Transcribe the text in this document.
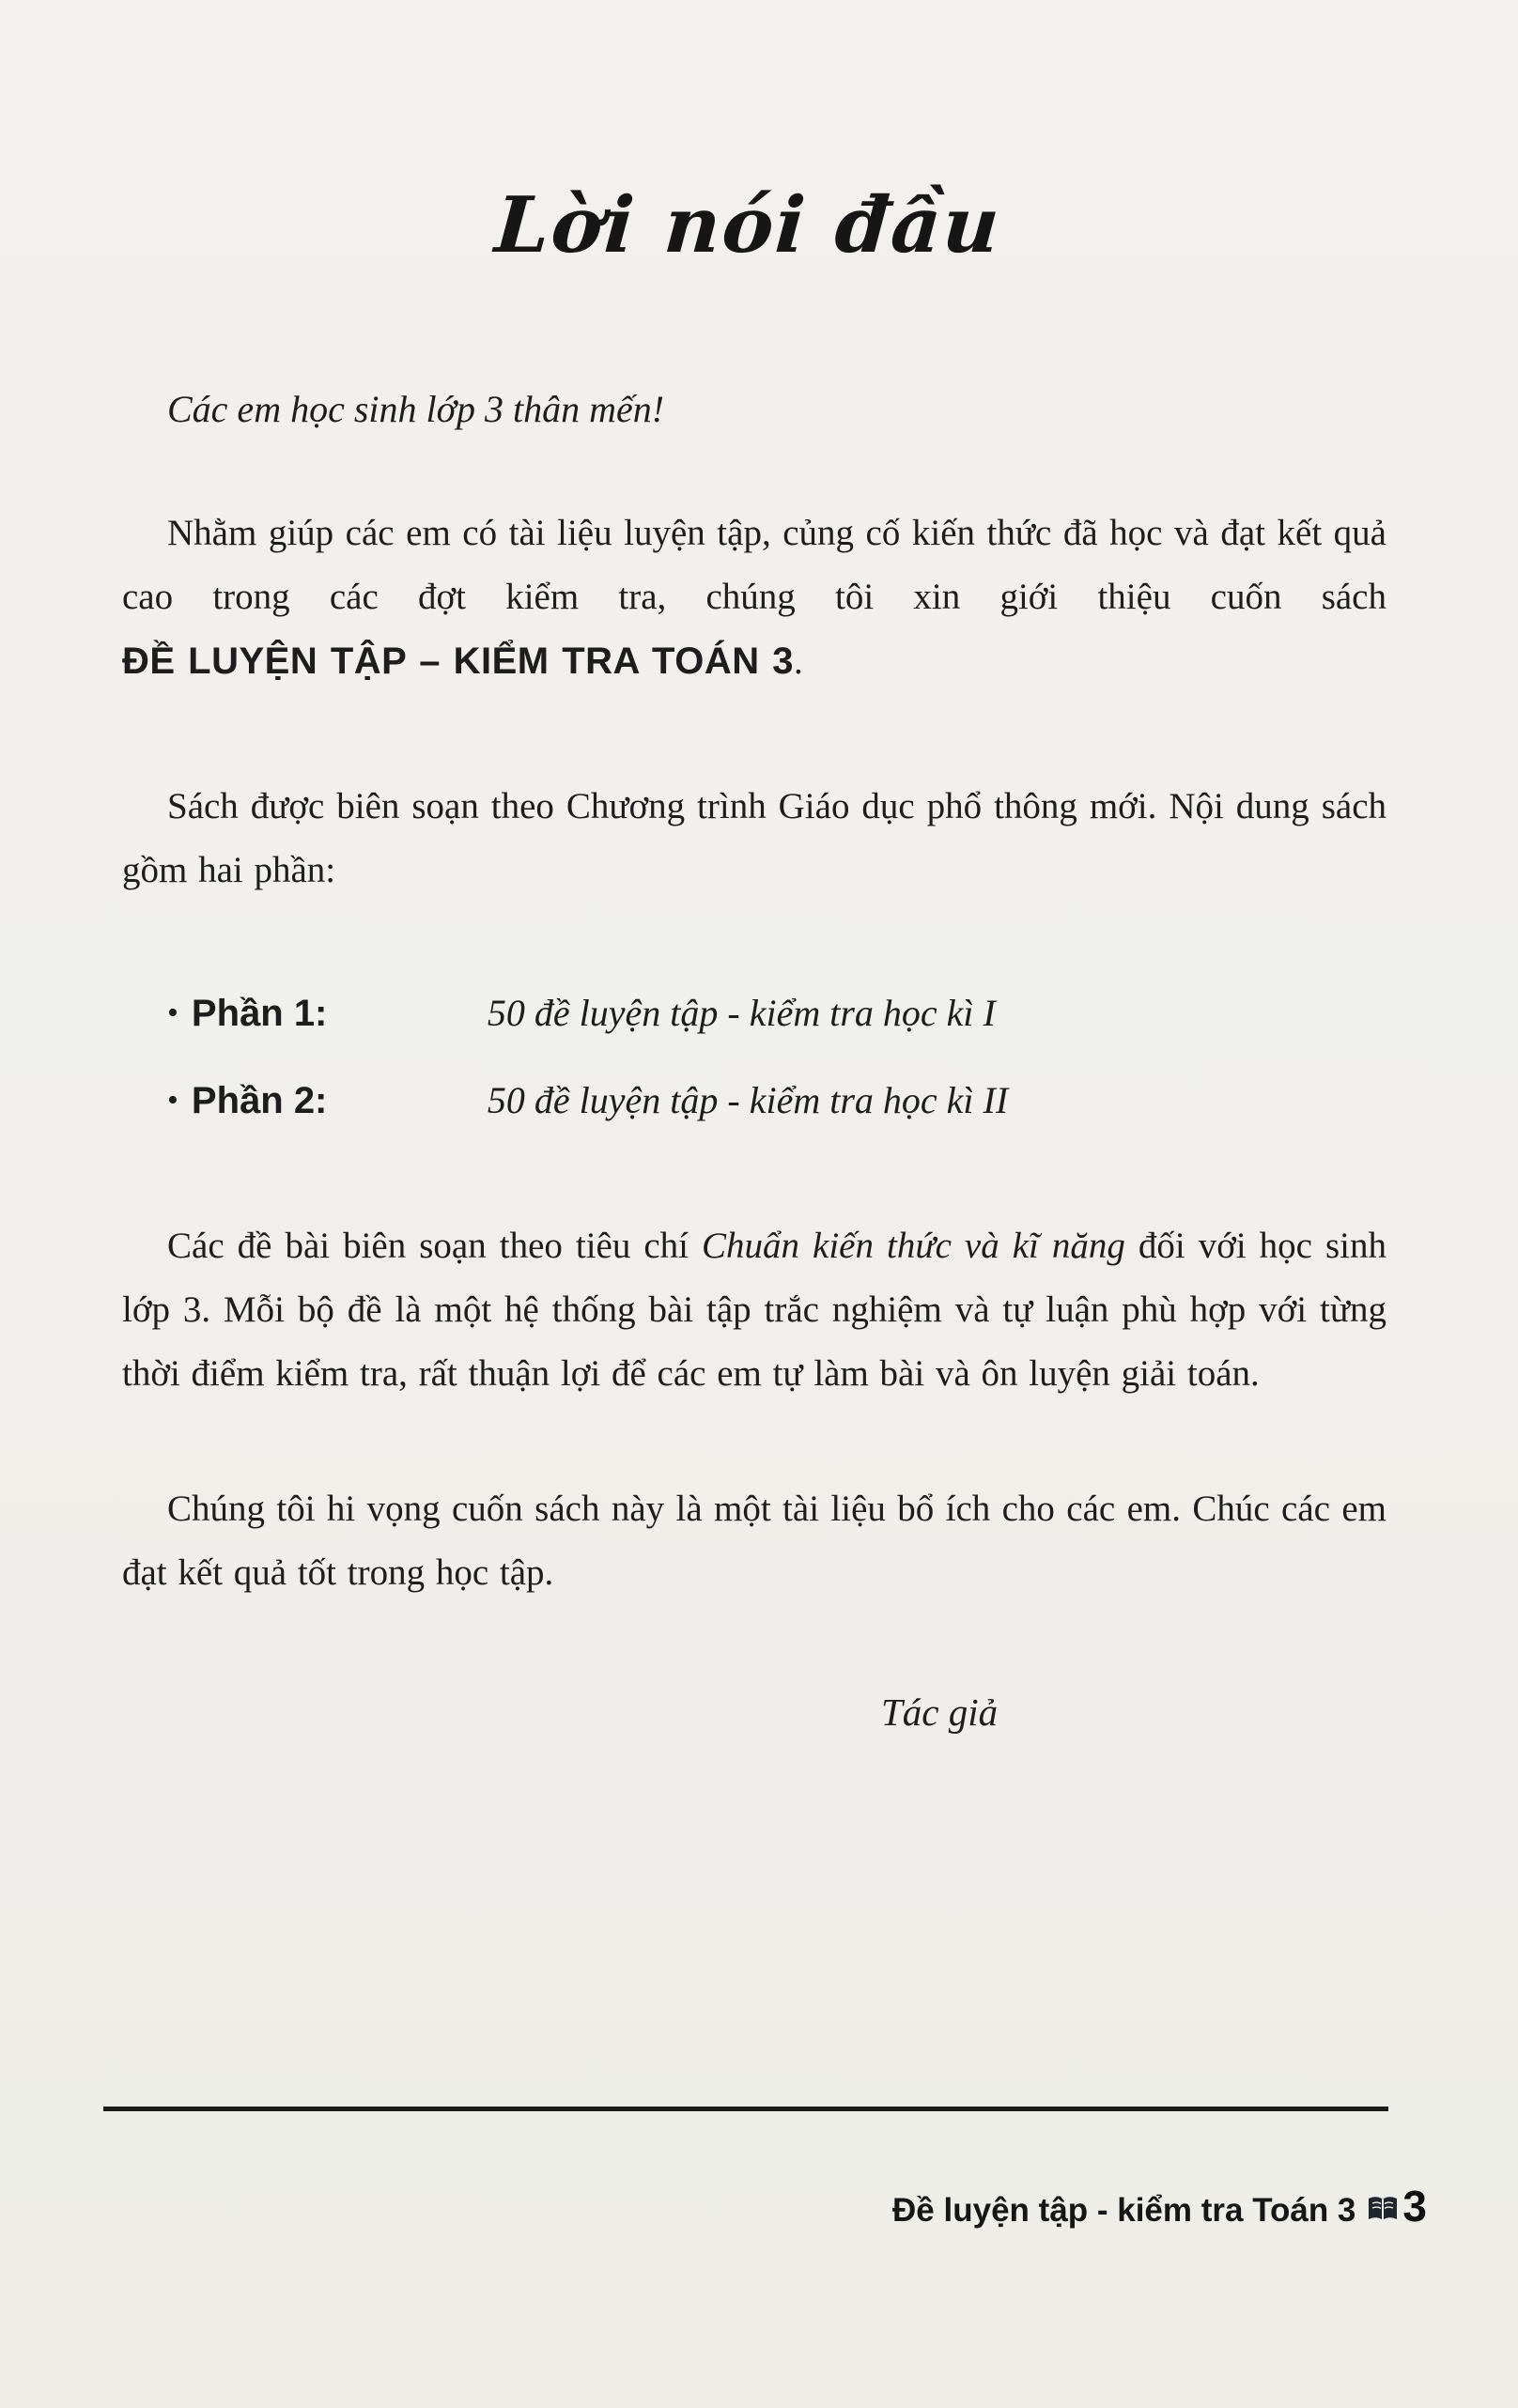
Lời nói đầu

Các em học sinh lớp 3 thân mến!

Nhằm giúp các em có tài liệu luyện tập, củng cố kiến thức đã học và đạt kết quả cao trong các đợt kiểm tra, chúng tôi xin giới thiệu cuốn sách ĐỀ LUYỆN TẬP – KIỂM TRA TOÁN 3.

Sách được biên soạn theo Chương trình Giáo dục phổ thông mới. Nội dung sách gồm hai phần:

• Phần 1:	50 đề luyện tập - kiểm tra học kì I
• Phần 2:	50 đề luyện tập - kiểm tra học kì II

Các đề bài biên soạn theo tiêu chí Chuẩn kiến thức và kĩ năng đối với học sinh lớp 3. Mỗi bộ đề là một hệ thống bài tập trắc nghiệm và tự luận phù hợp với từng thời điểm kiểm tra, rất thuận lợi để các em tự làm bài và ôn luyện giải toán.

Chúng tôi hi vọng cuốn sách này là một tài liệu bổ ích cho các em. Chúc các em đạt kết quả tốt trong học tập.

Tác giả

Đề luyện tập - kiểm tra Toán 3 3
